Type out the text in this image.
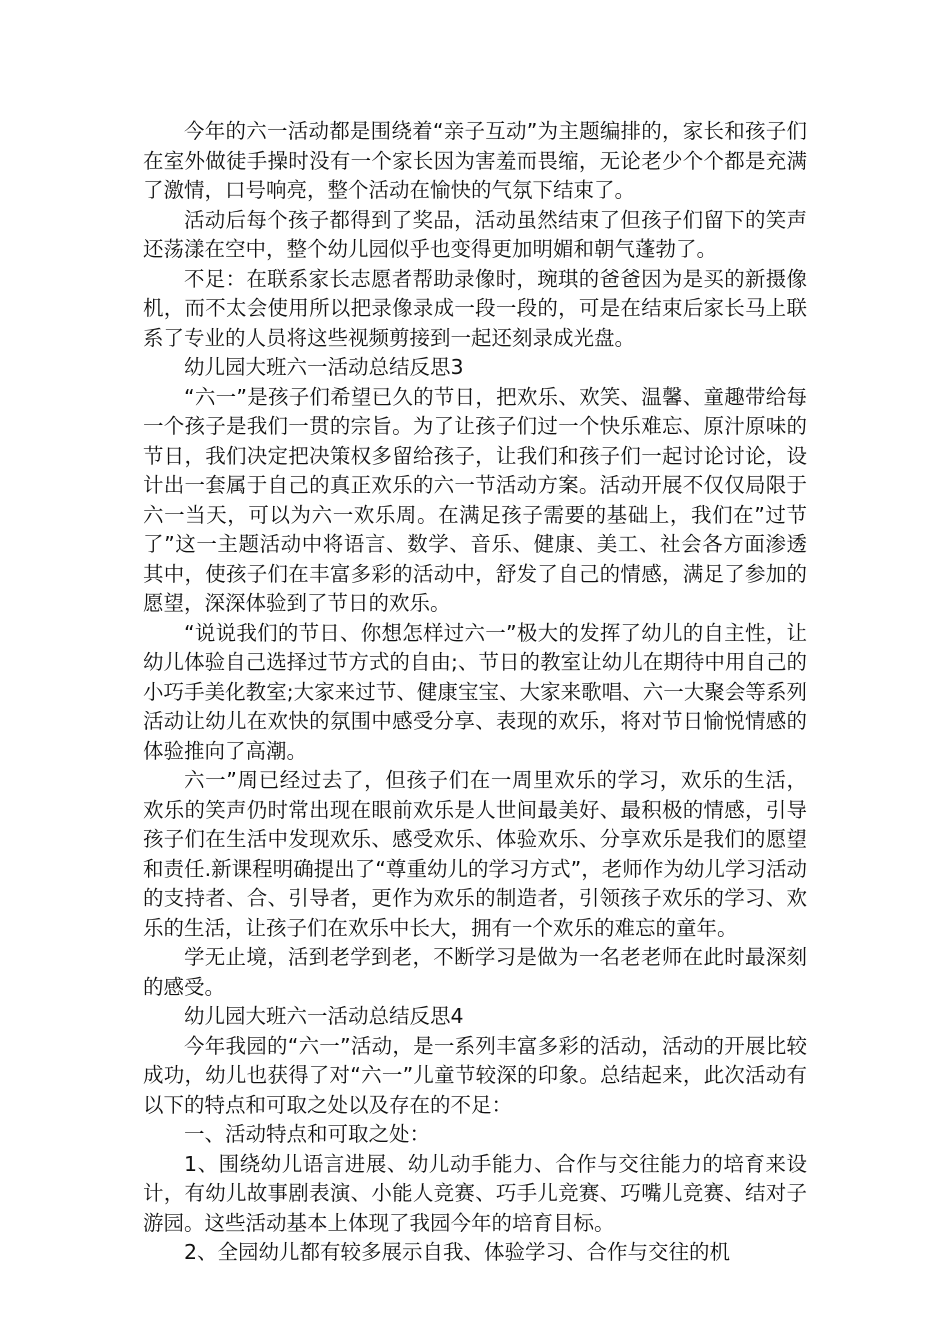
今年的六一活动都是围绕着“亲子互动”为主题编排的，家长和孩子们在室外做徒手操时没有一个家长因为害羞而畏缩，无论老少个个都是充满了激情，口号响亮，整个活动在愉快的气氛下结束了。

活动后每个孩子都得到了奖品，活动虽然结束了但孩子们留下的笑声还荡漾在空中，整个幼儿园似乎也变得更加明媚和朝气蓬勃了。

不足：在联系家长志愿者帮助录像时，琬琪的爸爸因为是买的新摄像机，而不太会使用所以把录像录成一段一段的，可是在结束后家长马上联系了专业的人员将这些视频剪接到一起还刻录成光盘。

幼儿园大班六一活动总结反思3

“六一”是孩子们希望已久的节日，把欢乐、欢笑、温馨、童趣带给每一个孩子是我们一贯的宗旨。为了让孩子们过一个快乐难忘、原汁原味的节日，我们决定把决策权多留给孩子，让我们和孩子们一起讨论讨论，设计出一套属于自己的真正欢乐的六一节活动方案。活动开展不仅仅局限于六一当天，可以为六一欢乐周。在满足孩子需要的基础上，我们在”过节了”这一主题活动中将语言、数学、音乐、健康、美工、社会各方面渗透其中，使孩子们在丰富多彩的活动中，舒发了自己的情感，满足了参加的愿望，深深体验到了节日的欢乐。

“说说我们的节日、你想怎样过六一”极大的发挥了幼儿的自主性，让幼儿体验自己选择过节方式的自由;、节日的教室让幼儿在期待中用自己的小巧手美化教室;大家来过节、健康宝宝、大家来歌唱、六一大聚会等系列活动让幼儿在欢快的氛围中感受分享、表现的欢乐，将对节日愉悦情感的体验推向了高潮。

六一”周已经过去了，但孩子们在一周里欢乐的学习，欢乐的生活，欢乐的笑声仍时常出现在眼前欢乐是人世间最美好、最积极的情感，引导孩子们在生活中发现欢乐、感受欢乐、体验欢乐、分享欢乐是我们的愿望和责任.新课程明确提出了“尊重幼儿的学习方式”，老师作为幼儿学习活动的支持者、合、引导者，更作为欢乐的制造者，引领孩子欢乐的学习、欢乐的生活，让孩子们在欢乐中长大，拥有一个欢乐的难忘的童年。

学无止境，活到老学到老，不断学习是做为一名老老师在此时最深刻的感受。

幼儿园大班六一活动总结反思4

今年我园的“六一”活动，是一系列丰富多彩的活动，活动的开展比较成功，幼儿也获得了对“六一”儿童节较深的印象。总结起来，此次活动有以下的特点和可取之处以及存在的不足：

一、活动特点和可取之处：

1、围绕幼儿语言进展、幼儿动手能力、合作与交往能力的培育来设计，有幼儿故事剧表演、小能人竞赛、巧手儿竞赛、巧嘴儿竞赛、结对子游园。这些活动基本上体现了我园今年的培育目标。

2、全园幼儿都有较多展示自我、体验学习、合作与交往的机
